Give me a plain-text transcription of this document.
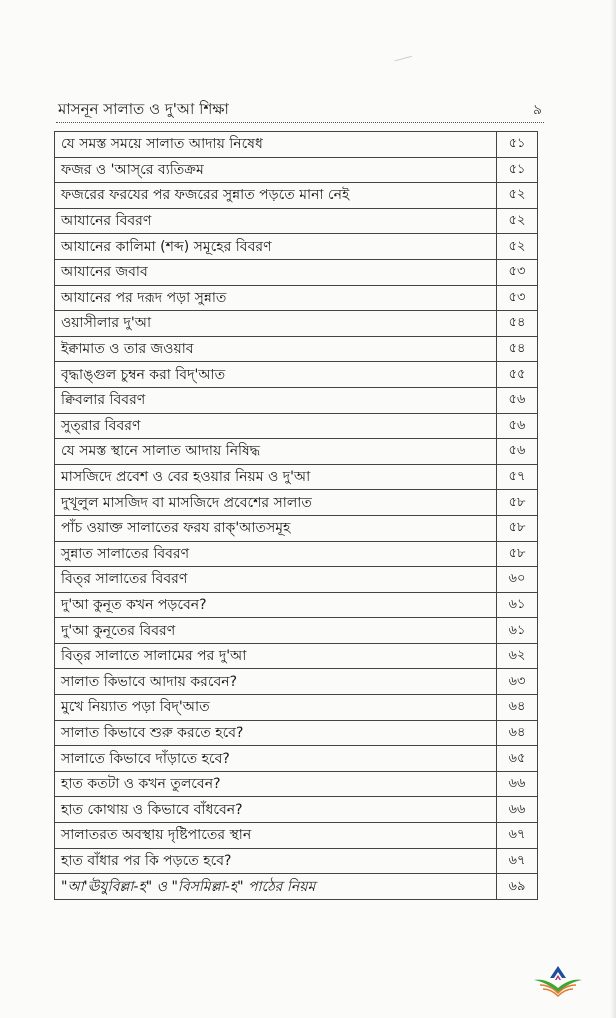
মাসনূন সালাত ও দু'আ শিক্ষা	৯
যে সমস্ত সময়ে সালাত আদায় নিষেধ	৫১
ফজর ও 'আস্‌রে ব্যতিক্রম	৫১
ফজরের ফরযের পর ফজরের সুন্নাত পড়তে মানা নেই	৫২
আযানের বিবরণ	৫২
আযানের কালিমা (শব্দ) সমূহের বিবরণ	৫২
আযানের জবাব	৫৩
আযানের পর দরূদ পড়া সুন্নাত	৫৩
ওয়াসীলার দু'আ	৫৪
ইক্বামাত ও তার জওয়াব	৫৪
বৃদ্ধাঙ্গুল চুম্বন করা বিদ্‌'আত	৫৫
ক্বিবলার বিবরণ	৫৬
সুত্‌রার বিবরণ	৫৬
যে সমস্ত স্থানে সালাত আদায় নিষিদ্ধ	৫৬
মাসজিদে প্রবেশ ও বের হওয়ার নিয়ম ও দু'আ	৫৭
দুখূলুল মাসজিদ বা মাসজিদে প্রবেশের সালাত	৫৮
পাঁচ ওয়াক্ত সালাতের ফরয রাক্‌'আতসমূহ	৫৮
সুন্নাত সালাতের বিবরণ	৫৮
বিত্‌র সালাতের বিবরণ	৬০
দু'আ কুনূত কখন পড়বেন?	৬১
দু'আ কুনূতের বিবরণ	৬১
বিত্‌র সালাতে সালামের পর দু'আ	৬২
সালাত কিভাবে আদায় করবেন?	৬৩
মুখে নিয়্যাত পড়া বিদ্‌'আত	৬৪
সালাত কিভাবে শুরু করতে হবে?	৬৪
সালাতে কিভাবে দাঁড়াতে হবে?	৬৫
হাত কতটা ও কখন তুলবেন?	৬৬
হাত কোথায় ও কিভাবে বাঁধবেন?	৬৬
সালাতরত অবস্থায় দৃষ্টিপাতের স্থান	৬৭
হাত বাঁধার পর কি পড়তে হবে?	৬৭
"আ'ঊযুবিল্লা-হ" ও "বিসমিল্লা-হ" পাঠের নিয়ম	৬৯
